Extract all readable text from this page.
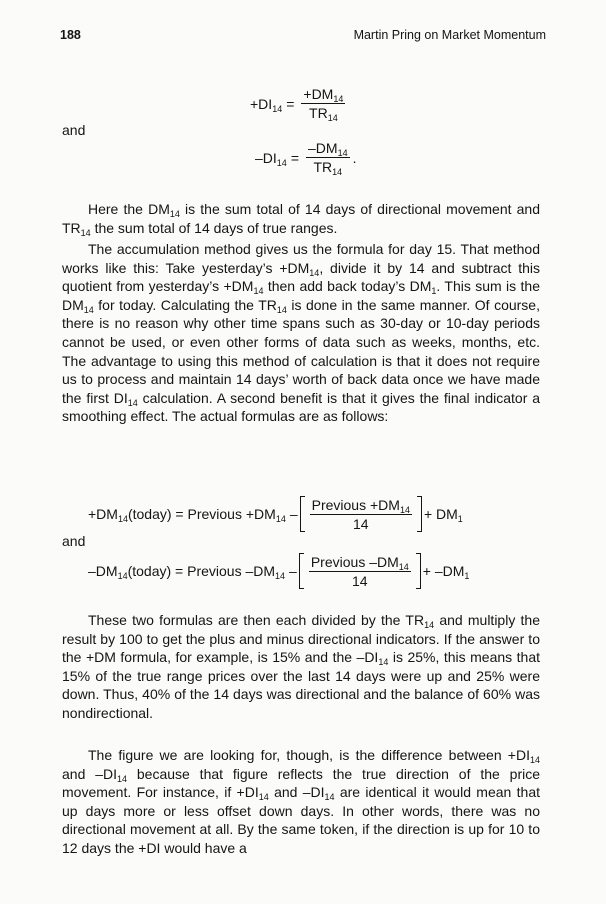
188	Martin Pring on Market Momentum
$+DI_{14} = \frac{+DM_{14}}{TR_{14}}$
and
$-DI_{14} = \frac{-DM_{14}}{TR_{14}}$ .

Here the $DM_{14}$ is the sum total of 14 days of directional movement and $TR_{14}$ the sum total of 14 days of true ranges.

The accumulation method gives us the formula for day 15. That method works like this: Take yesterday’s $+DM_{14}$, divide it by 14 and subtract this quotient from yesterday’s $+DM_{14}$ then add back today’s $DM_1$. This sum is the $DM_{14}$ for today. Calculating the $TR_{14}$ is done in the same manner. Of course, there is no reason why other time spans such as 30-day or 10-day periods cannot be used, or even other forms of data such as weeks, months, etc. The advantage to using this method of calculation is that it does not require us to process and maintain 14 days’ worth of back data once we have made the first $DI_{14}$ calculation. A second benefit is that it gives the final indicator a smoothing effect. The actual formulas are as follows:

$+DM_{14}(today)$ = Previous $+DM_{14} - \frac{Previous +DM_{14}}{14} + DM_1$
and
$-DM_{14}(today)$ = Previous $-DM_{14} - \frac{Previous -DM_{14}}{14} + -DM_1$

These two formulas are then each divided by the $TR_{14}$ and multiply the result by 100 to get the plus and minus directional indicators. If the answer to the +DM formula, for example, is 15% and the $-DI_{14}$ is 25%, this means that 15% of the true range prices over the last 14 days were up and 25% were down. Thus, 40% of the 14 days was directional and the balance of 60% was nondirectional.

The figure we are looking for, though, is the difference between $+DI_{14}$ and $-DI_{14}$ because that figure reflects the true direction of the price movement. For instance, if $+DI_{14}$ and $-DI_{14}$ are identical it would mean that up days more or less offset down days. In other words, there was no directional movement at all. By the same token, if the direction is up for 10 to 12 days the +DI would have a
